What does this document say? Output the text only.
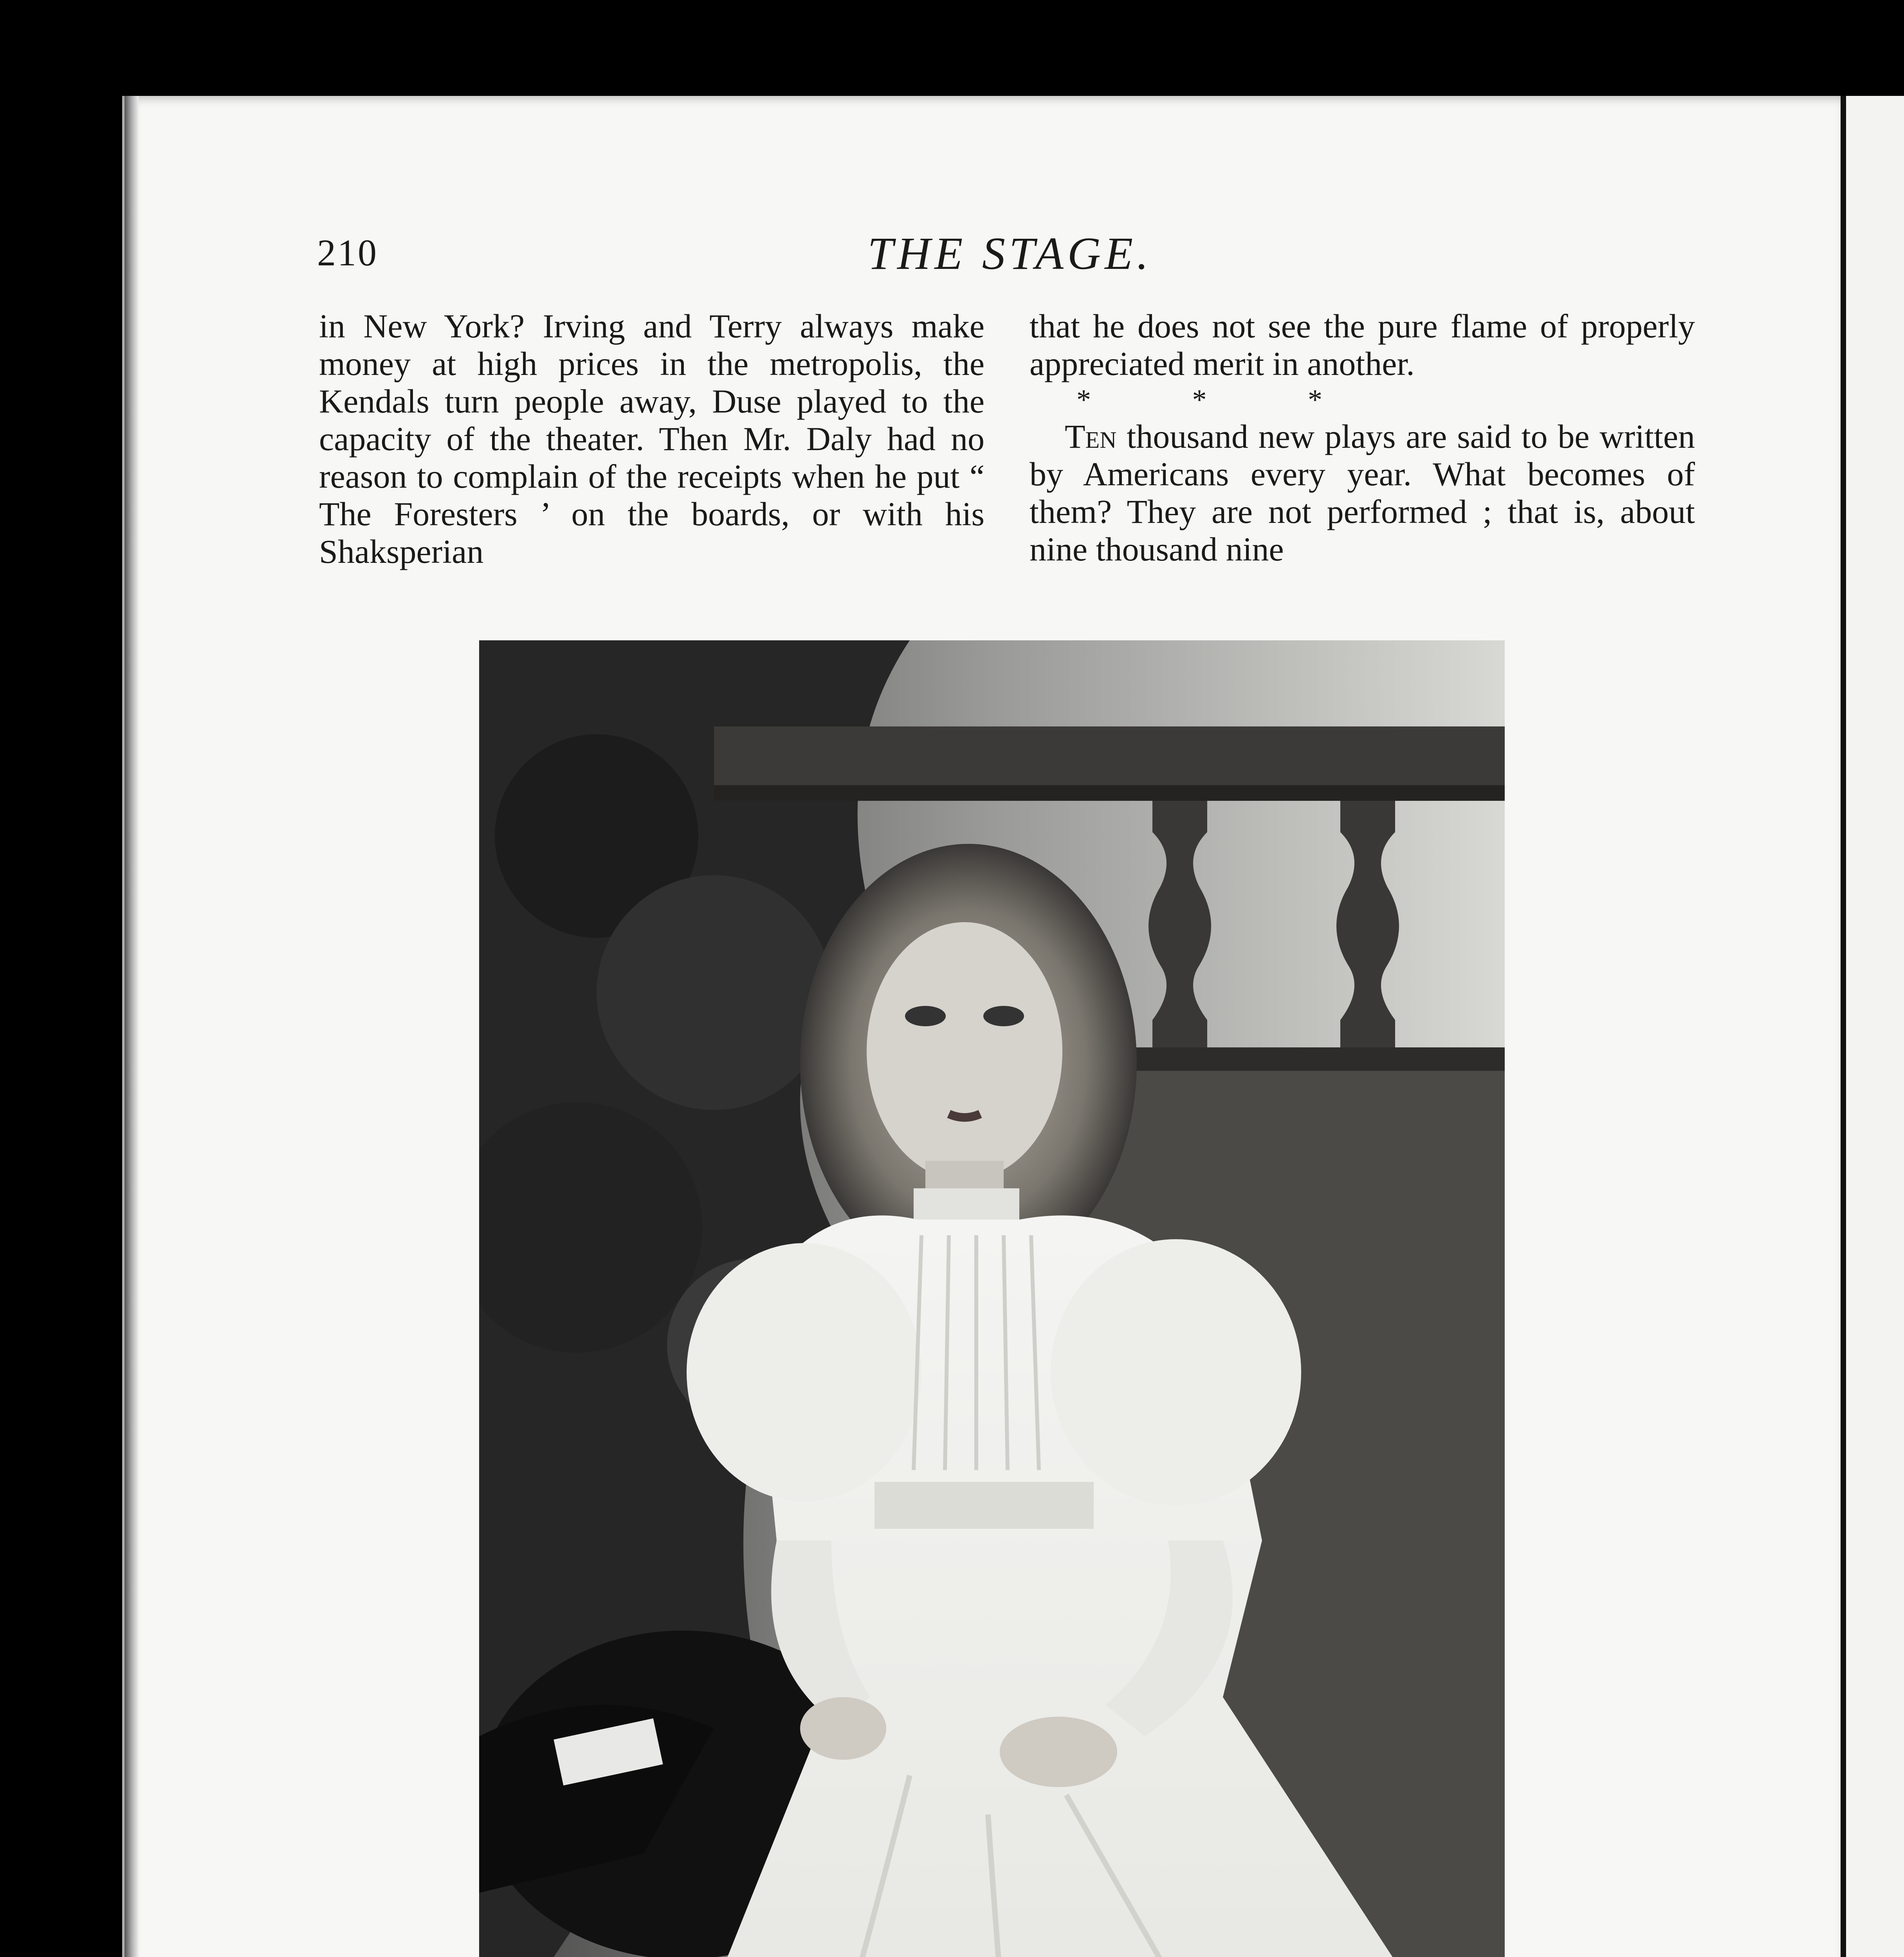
210	THE STAGE.

in New York? Irving and Terry always make money at high prices in the metropolis, the Kendals turn people away, Duse played to the capacity of the theater. Then Mr. Daly had no reason to complain of the receipts when he put “ The Foresters ’ on the boards, or with his Shaksperian

that he does not see the pure flame of properly appreciated merit in another.

* * *

Ten thousand new plays are said to be written by Americans every year. What becomes of them? They are not performed ; that is, about nine thousand nine
